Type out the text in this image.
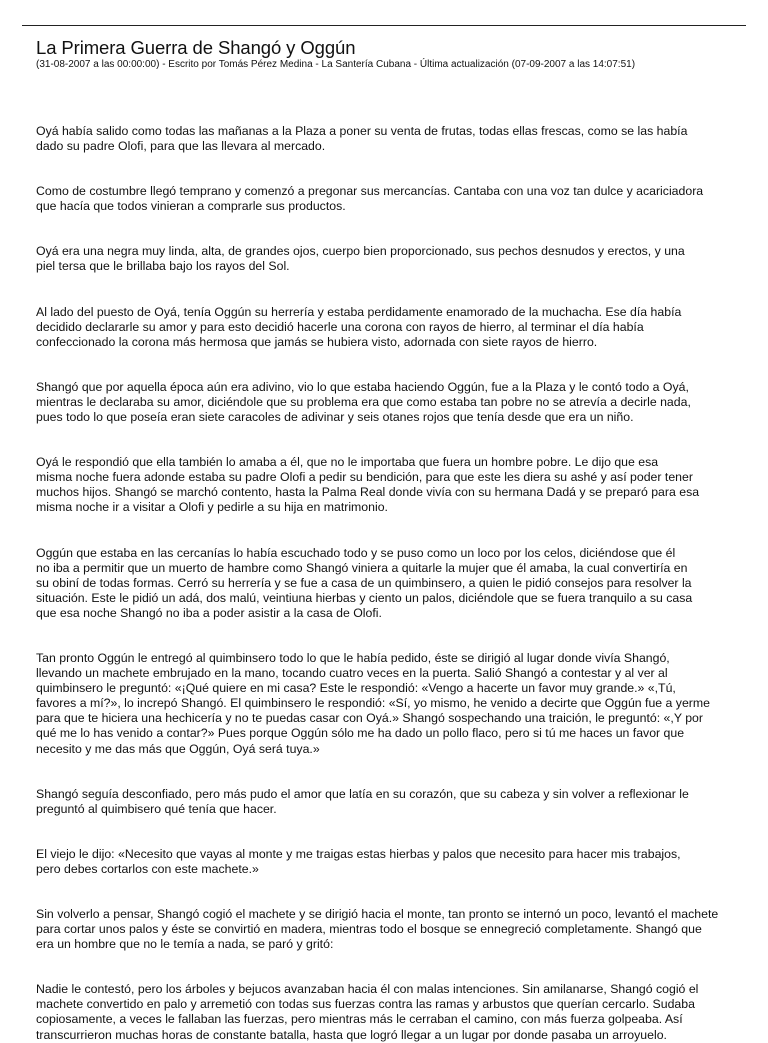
La Primera Guerra de Shangó y Oggún

(31-08-2007 a las 00:00:00) - Escrito por Tomás Pérez Medina - La Santería Cubana - Última actualización (07-09-2007 a las 14:07:51)

Oyá había salido como todas las mañanas a la Plaza a poner su venta de frutas, todas ellas frescas, como se las había
dado su padre Olofi, para que las llevara al mercado.

Como de costumbre llegó temprano y comenzó a pregonar sus mercancías. Cantaba con una voz tan dulce y acariciadora
que hacía que todos vinieran a comprarle sus productos.

Oyá era una negra muy linda, alta, de grandes ojos, cuerpo bien proporcionado, sus pechos desnudos y erectos, y una
piel tersa que le brillaba bajo los rayos del Sol.

Al lado del puesto de Oyá, tenía Oggún su herrería y estaba perdidamente enamorado de la muchacha. Ese día había
decidido declararle su amor y para esto decidió hacerle una corona con rayos de hierro, al terminar el día había
confeccionado la corona más hermosa que jamás se hubiera visto, adornada con siete rayos de hierro.

Shangó que por aquella época aún era adivino, vio lo que estaba haciendo Oggún, fue a la Plaza y le contó todo a Oyá,
mientras le declaraba su amor, diciéndole que su problema era que como estaba tan pobre no se atrevía a decirle nada,
pues todo lo que poseía eran siete caracoles de adivinar y seis otanes rojos que tenía desde que era un niño.

Oyá le respondió que ella también lo amaba a él, que no le importaba que fuera un hombre pobre. Le dijo que esa
misma noche fuera adonde estaba su padre Olofi a pedir su bendición, para que este les diera su ashé y así poder tener
muchos hijos. Shangó se marchó contento, hasta la Palma Real donde vivía con su hermana Dadá y se preparó para esa
misma noche ir a visitar a Olofi y pedirle a su hija en matrimonio.

Oggún que estaba en las cercanías lo había escuchado todo y se puso como un loco por los celos, diciéndose que él
no iba a permitir que un muerto de hambre como Shangó viniera a quitarle la mujer que él amaba, la cual convertiría en
su obiní de todas formas. Cerró su herrería y se fue a casa de un quimbinsero, a quien le pidió consejos para resolver la
situación. Este le pidió un adá, dos malú, veintiuna hierbas y ciento un palos, diciéndole que se fuera tranquilo a su casa
que esa noche Shangó no iba a poder asistir a la casa de Olofi.

Tan pronto Oggún le entregó al quimbinsero todo lo que le había pedido, éste se dirigió al lugar donde vivía Shangó,
llevando un machete embrujado en la mano, tocando cuatro veces en la puerta. Salió Shangó a contestar y al ver al
quimbinsero le preguntó: «¡Qué quiere en mi casa? Este le respondió: «Vengo a hacerte un favor muy grande.» «,Tú,
favores a mí?», lo increpó Shangó. El quimbinsero le respondió: «Sí, yo mismo, he venido a decirte que Oggún fue a yerme
para que te hiciera una hechicería y no te puedas casar con Oyá.» Shangó sospechando una traición, le preguntó: «,Y por
qué me lo has venido a contar?» Pues porque Oggún sólo me ha dado un pollo flaco, pero si tú me haces un favor que
necesito y me das más que Oggún, Oyá será tuya.»

Shangó seguía desconfiado, pero más pudo el amor que latía en su corazón, que su cabeza y sin volver a reflexionar le
preguntó al quimbisero qué tenía que hacer.

El viejo le dijo: «Necesito que vayas al monte y me traigas estas hierbas y palos que necesito para hacer mis trabajos,
pero debes cortarlos con este machete.»

Sin volverlo a pensar, Shangó cogió el machete y se dirigió hacia el monte, tan pronto se internó un poco, levantó el machete
para cortar unos palos y éste se convirtió en madera, mientras todo el bosque se ennegreció completamente. Shangó que
era un hombre que no le temía a nada, se paró y gritó:

Nadie le contestó, pero los árboles y bejucos avanzaban hacia él con malas intenciones. Sin amilanarse, Shangó cogió el
machete convertido en palo y arremetió con todas sus fuerzas contra las ramas y arbustos que querían cercarlo. Sudaba
copiosamente, a veces le fallaban las fuerzas, pero mientras más le cerraban el camino, con más fuerza golpeaba. Así
transcurrieron muchas horas de constante batalla, hasta que logró llegar a un lugar por donde pasaba un arroyuelo.
